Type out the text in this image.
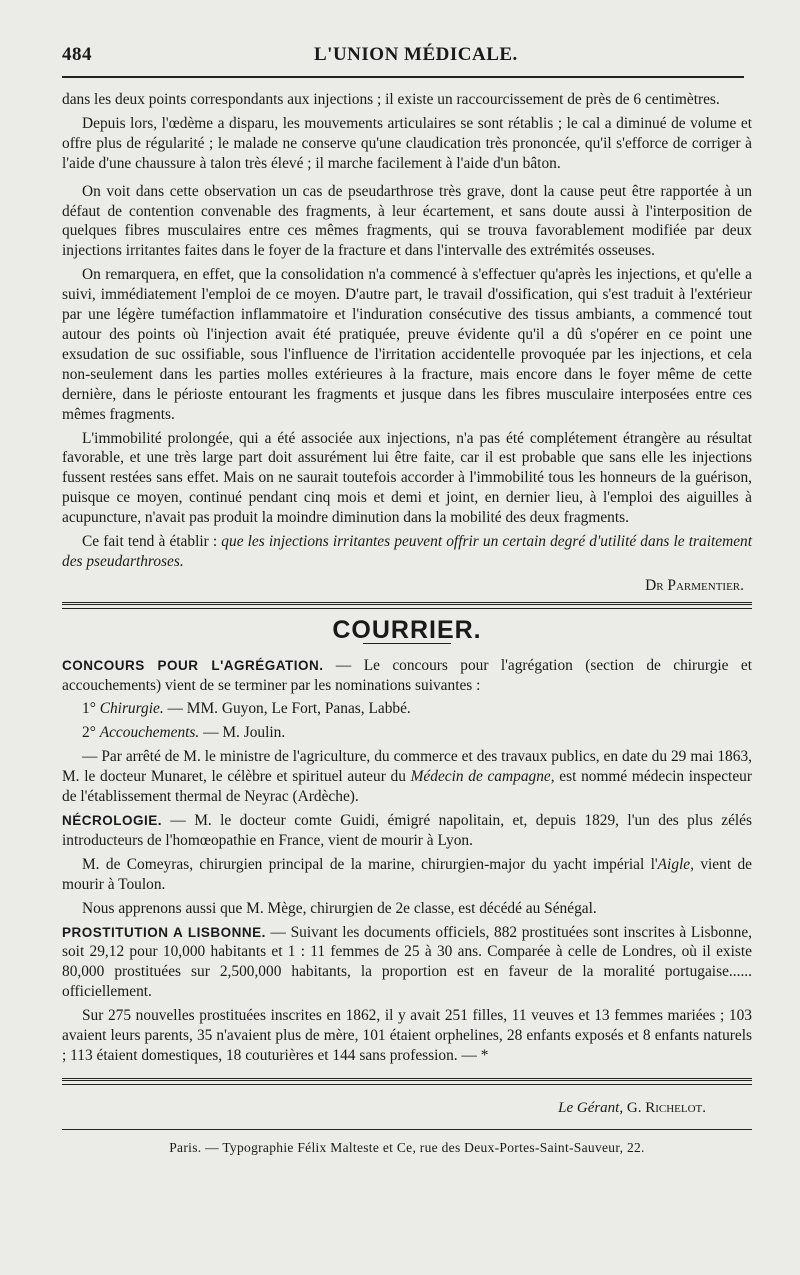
484	L'UNION MÉDICALE.

dans les deux points correspondants aux injections ; il existe un raccourcissement de près de 6 centimètres.

Depuis lors, l'œdème a disparu, les mouvements articulaires se sont rétablis ; le cal a diminué de volume et offre plus de régularité ; le malade ne conserve qu'une claudication très prononcée, qu'il s'efforce de corriger à l'aide d'une chaussure à talon très élevé ; il marche facilement à l'aide d'un bâton.

On voit dans cette observation un cas de pseudarthrose très grave, dont la cause peut être rapportée à un défaut de contention convenable des fragments, à leur écartement, et sans doute aussi à l'interposition de quelques fibres musculaires entre ces mêmes fragments, qui se trouva favorablement modifiée par deux injections irritantes faites dans le foyer de la fracture et dans l'intervalle des extrémités osseuses.

On remarquera, en effet, que la consolidation n'a commencé à s'effectuer qu'après les injections, et qu'elle a suivi, immédiatement l'emploi de ce moyen. D'autre part, le travail d'ossification, qui s'est traduit à l'extérieur par une légère tuméfaction inflammatoire et l'induration consécutive des tissus ambiants, a commencé tout autour des points où l'injection avait été pratiquée, preuve évidente qu'il a dû s'opérer en ce point une exsudation de suc ossifiable, sous l'influence de l'irritation accidentelle provoquée par les injections, et cela non-seulement dans les parties molles extérieures à la fracture, mais encore dans le foyer même de cette dernière, dans le périoste entourant les fragments et jusque dans les fibres musculaire interposées entre ces mêmes fragments.

L'immobilité prolongée, qui a été associée aux injections, n'a pas été complétement étrangère au résultat favorable, et une très large part doit assurément lui être faite, car il est probable que sans elle les injections fussent restées sans effet. Mais on ne saurait toutefois accorder à l'immobilité tous les honneurs de la guérison, puisque ce moyen, continué pendant cinq mois et demi et joint, en dernier lieu, à l'emploi des aiguilles à acupuncture, n'avait pas produit la moindre diminution dans la mobilité des deux fragments.

Ce fait tend à établir : que les injections irritantes peuvent offrir un certain degré d'utilité dans le traitement des pseudarthroses.

Dr Parmentier.
COURRIER.

CONCOURS POUR L'AGRÉGATION. — Le concours pour l'agrégation (section de chirurgie et accouchements) vient de se terminer par les nominations suivantes :

1° Chirurgie. — MM. Guyon, Le Fort, Panas, Labbé.

2° Accouchements. — M. Joulin.

— Par arrêté de M. le ministre de l'agriculture, du commerce et des travaux publics, en date du 29 mai 1863, M. le docteur Munaret, le célèbre et spirituel auteur du Médecin de campagne, est nommé médecin inspecteur de l'établissement thermal de Neyrac (Ardèche).

NÉCROLOGIE. — M. le docteur comte Guidi, émigré napolitain, et, depuis 1829, l'un des plus zélés introducteurs de l'homœopathie en France, vient de mourir à Lyon.

M. de Comeyras, chirurgien principal de la marine, chirurgien-major du yacht impérial l'Aigle, vient de mourir à Toulon.

Nous apprenons aussi que M. Mège, chirurgien de 2e classe, est décédé au Sénégal.

PROSTITUTION A LISBONNE. — Suivant les documents officiels, 882 prostituées sont inscrites à Lisbonne, soit 29,12 pour 10,000 habitants et 1 : 11 femmes de 25 à 30 ans. Comparée à celle de Londres, où il existe 80,000 prostituées sur 2,500,000 habitants, la proportion est en faveur de la moralité portugaise...... officiellement.

Sur 275 nouvelles prostituées inscrites en 1862, il y avait 251 filles, 11 veuves et 13 femmes mariées ; 103 avaient leurs parents, 35 n'avaient plus de mère, 101 étaient orphelines, 28 enfants exposés et 8 enfants naturels ; 113 étaient domestiques, 18 couturières et 144 sans profession. — *

Le Gérant, G. Richelot.
Paris. — Typographie Félix Malteste et Ce, rue des Deux-Portes-Saint-Sauveur, 22.
